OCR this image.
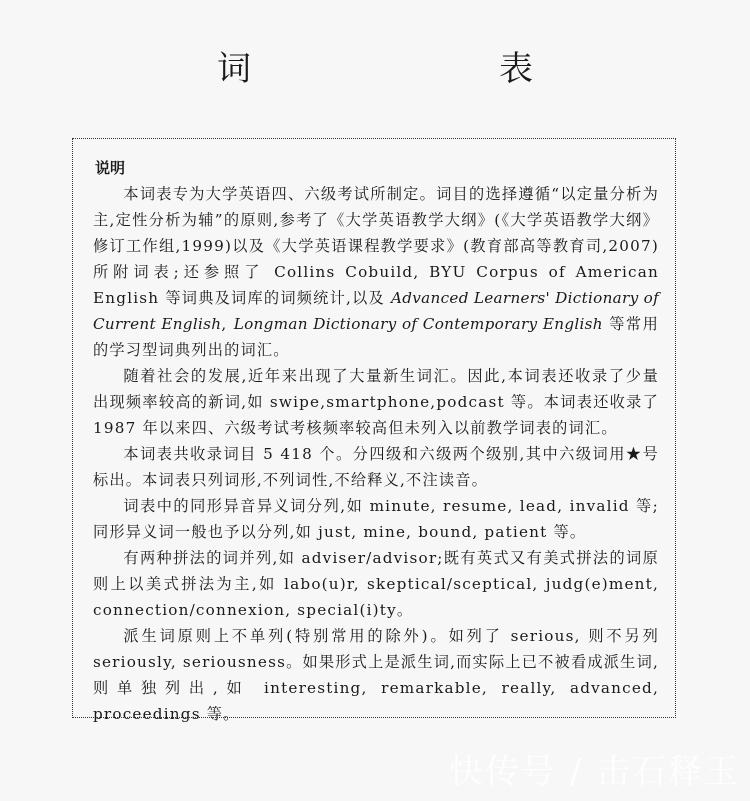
词　　表
说明

本词表专为大学英语四、六级考试所制定。词目的选择遵循“以定量分析为主,定性分析为辅”的原则,参考了《大学英语教学大纲》(《大学英语教学大纲》修订工作组,1999)以及《大学英语课程教学要求》(教育部高等教育司,2007)所附词表;还参照了 Collins Cobuild, BYU Corpus of American English 等词典及词库的词频统计,以及 Advanced Learners' Dictionary of Current English, Longman Dictionary of Contemporary English 等常用的学习型词典列出的词汇。

随着社会的发展,近年来出现了大量新生词汇。因此,本词表还收录了少量出现频率较高的新词,如 swipe,smartphone,podcast 等。本词表还收录了 1987 年以来四、六级考试考核频率较高但未列入以前教学词表的词汇。

本词表共收录词目 5 418 个。分四级和六级两个级别,其中六级词用★号标出。本词表只列词形,不列词性,不给释义,不注读音。

词表中的同形异音异义词分列,如 minute, resume, lead, invalid 等;同形异义词一般也予以分列,如 just, mine, bound, patient 等。

有两种拼法的词并列,如 adviser/advisor;既有英式又有美式拼法的词原则上以美式拼法为主,如 labo(u)r, skeptical/sceptical, judg(e)ment, connection/connexion, special(i)ty。

派生词原则上不单列(特别常用的除外)。如列了 serious, 则不另列 seriously, seriousness。如果形式上是派生词,而实际上已不被看成派生词,则单独列出,如 interesting, remarkable, really, advanced, proceedings 等。

快传号 / 击石释玉
